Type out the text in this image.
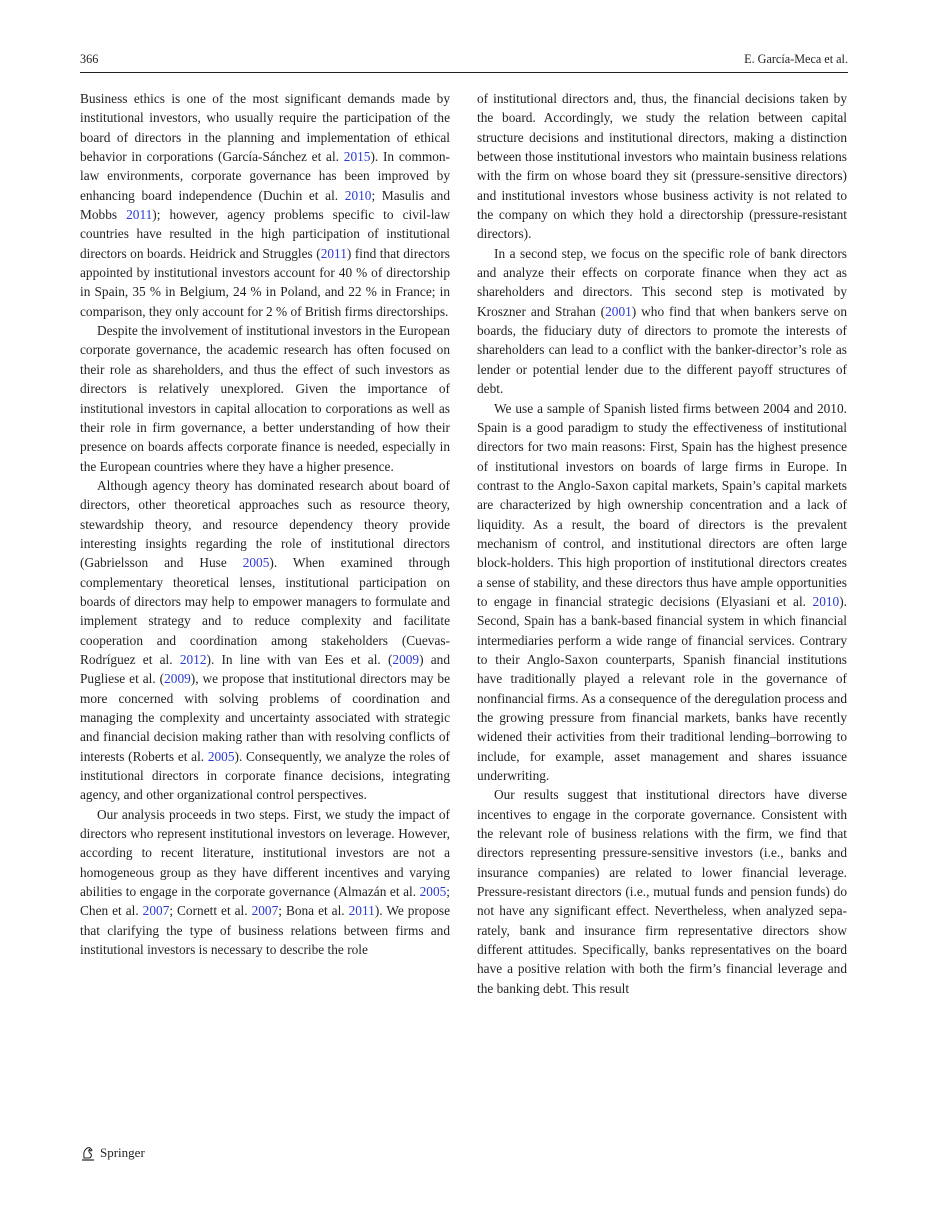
366	E. García-Meca et al.

Business ethics is one of the most significant demands made by institutional investors, who usually require the participation of the board of directors in the planning and implementation of ethical behavior in corporations (García-Sánchez et al. 2015). In common-law environments, corporate governance has been improved by enhancing board independence (Duchin et al. 2010; Masulis and Mobbs 2011); however, agency problems specific to civil-law countries have resulted in the high participation of institutional directors on boards. Heidrick and Struggles (2011) find that directors appointed by institutional investors account for 40 % of directorship in Spain, 35 % in Belgium, 24 % in Poland, and 22 % in France; in comparison, they only account for 2 % of British firms directorships.

Despite the involvement of institutional investors in the European corporate governance, the academic research has often focused on their role as shareholders, and thus the effect of such investors as directors is relatively unexplored. Given the importance of institutional investors in capital allocation to corporations as well as their role in firm governance, a better understanding of how their presence on boards affects corporate finance is needed, especially in the European countries where they have a higher presence.

Although agency theory has dominated research about board of directors, other theoretical approaches such as resource theory, stewardship theory, and resource dependency theory provide interesting insights regarding the role of institutional directors (Gabrielsson and Huse 2005). When examined through complementary theoretical lenses, institutional participation on boards of directors may help to empower managers to formulate and implement strategy and to reduce complexity and facilitate cooperation and coordination among stakeholders (Cuevas-Rodríguez et al. 2012). In line with van Ees et al. (2009) and Pugliese et al. (2009), we propose that institutional directors may be more concerned with solving problems of coordination and managing the complexity and uncertainty associated with strategic and financial decision making rather than with resolving conflicts of interests (Roberts et al. 2005). Consequently, we analyze the roles of institutional directors in corporate finance decisions, integrating agency, and other organizational control perspectives.

Our analysis proceeds in two steps. First, we study the impact of directors who represent institutional investors on leverage. However, according to recent literature, institutional investors are not a homogeneous group as they have different incentives and varying abilities to engage in the corporate governance (Almazán et al. 2005; Chen et al. 2007; Cornett et al. 2007; Bona et al. 2011). We propose that clarifying the type of business relations between firms and institutional investors is necessary to describe the role

of institutional directors and, thus, the financial decisions taken by the board. Accordingly, we study the relation between capital structure decisions and institutional directors, making a distinction between those institutional investors who maintain business relations with the firm on whose board they sit (pressure-sensitive directors) and institutional investors whose business activity is not related to the company on which they hold a directorship (pressure-resistant directors).

In a second step, we focus on the specific role of bank directors and analyze their effects on corporate finance when they act as shareholders and directors. This second step is motivated by Kroszner and Strahan (2001) who find that when bankers serve on boards, the fiduciary duty of directors to promote the interests of shareholders can lead to a conflict with the banker-director’s role as lender or potential lender due to the different payoff structures of debt.

We use a sample of Spanish listed firms between 2004 and 2010. Spain is a good paradigm to study the effectiveness of institutional directors for two main reasons: First, Spain has the highest presence of institutional investors on boards of large firms in Europe. In contrast to the Anglo-Saxon capital markets, Spain’s capital markets are characterized by high ownership concentration and a lack of liquidity. As a result, the board of directors is the prevalent mechanism of control, and institutional directors are often large block-holders. This high proportion of institutional directors creates a sense of stability, and these directors thus have ample opportunities to engage in financial strategic decisions (Elyasiani et al. 2010). Second, Spain has a bank-based financial system in which financial intermediaries perform a wide range of financial services. Contrary to their Anglo-Saxon counterparts, Spanish financial institutions have traditionally played a relevant role in the governance of nonfinancial firms. As a consequence of the deregulation process and the growing pressure from financial markets, banks have recently widened their activities from their traditional lending–borrowing to include, for example, asset management and shares issuance underwriting.

Our results suggest that institutional directors have diverse incentives to engage in the corporate governance. Consistent with the relevant role of business relations with the firm, we find that directors representing pressure-sensitive investors (i.e., banks and insurance companies) are related to lower financial leverage. Pressure-resistant directors (i.e., mutual funds and pension funds) do not have any significant effect. Nevertheless, when analyzed separately, bank and insurance firm representative directors show different attitudes. Specifically, banks representatives on the board have a positive relation with both the firm’s financial leverage and the banking debt. This result

Springer
